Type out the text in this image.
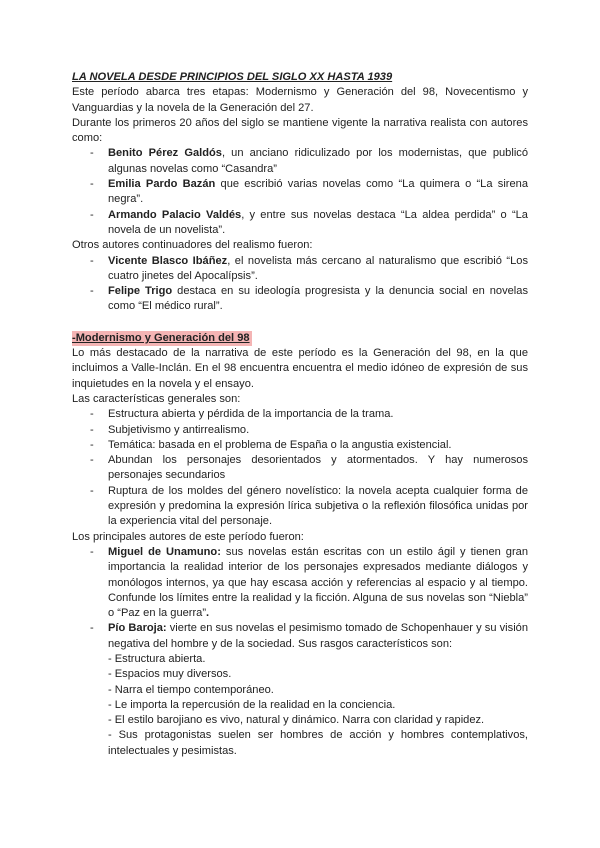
LA NOVELA DESDE PRINCIPIOS DEL SIGLO XX HASTA 1939

Este período abarca tres etapas: Modernismo y Generación del 98, Novecentismo y Vanguardias y la novela de la Generación del 27.

Durante los primeros 20 años del siglo se mantiene vigente la narrativa realista con autores como:

- Benito Pérez Galdós, un anciano ridiculizado por los modernistas, que publicó algunas novelas como “Casandra”
- Emilia Pardo Bazán que escribió varias novelas como “La quimera o “La sirena negra”.
- Armando Palacio Valdés, y entre sus novelas destaca “La aldea perdida” o “La novela de un novelista”.

Otros autores continuadores del realismo fueron:

- Vicente Blasco Ibáñez, el novelista más cercano al naturalismo que escribió “Los cuatro jinetes del Apocalípsis”.
- Felipe Trigo destaca en su ideología progresista y la denuncia social en novelas como “El médico rural”.

-Modernismo y Generación del 98

Lo más destacado de la narrativa de este período es la Generación del 98, en la que incluimos a Valle-Inclán. En el 98 encuentra encuentra el medio idóneo de expresión de sus inquietudes en la novela y el ensayo.

Las características generales son:

- Estructura abierta y pérdida de la importancia de la trama.
- Subjetivismo y antirrealismo.
- Temática: basada en el problema de España o la angustia existencial.
- Abundan los personajes desorientados y atormentados. Y hay numerosos personajes secundarios
- Ruptura de los moldes del género novelístico: la novela acepta cualquier forma de expresión y predomina la expresión lírica subjetiva o la reflexión filosófica unidas por la experiencia vital del personaje.

Los principales autores de este período fueron:

- Miguel de Unamuno: sus novelas están escritas con un estilo ágil y tienen gran importancia la realidad interior de los personajes expresados mediante diálogos y monólogos internos, ya que hay escasa acción y referencias al espacio y al tiempo. Confunde los límites entre la realidad y la ficción. Alguna de sus novelas son “Niebla” o “Paz en la guerra”.
- Pío Baroja: vierte en sus novelas el pesimismo tomado de Schopenhauer y su visión negativa del hombre y de la sociedad. Sus rasgos característicos son:
- Estructura abierta.
- Espacios muy diversos.
- Narra el tiempo contemporáneo.
- Le importa la repercusión de la realidad en la conciencia.
- El estilo barojiano es vivo, natural y dinámico. Narra con claridad y rapidez.
- Sus protagonistas suelen ser hombres de acción y hombres contemplativos, intelectuales y pesimistas.
